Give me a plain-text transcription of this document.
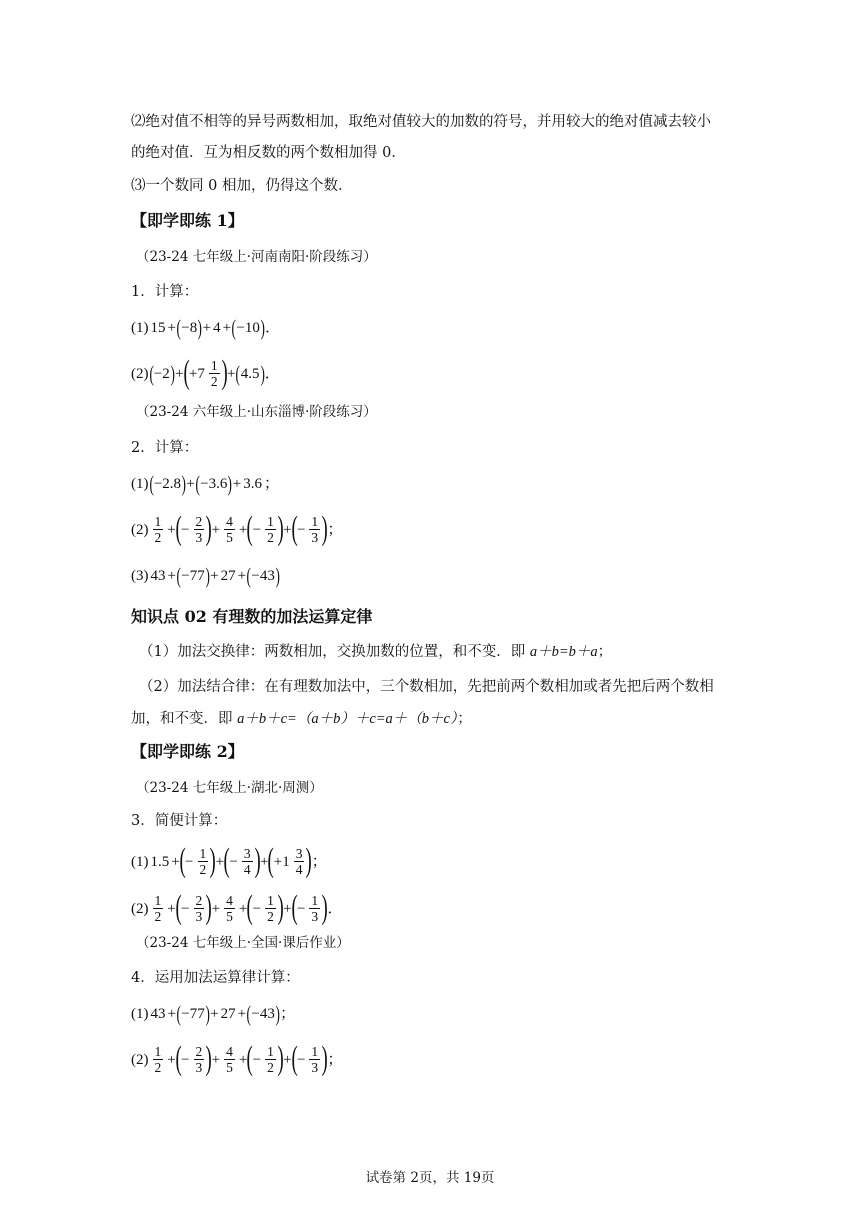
⑵绝对值不相等的异号两数相加，取绝对值较大的加数的符号，并用较大的绝对值减去较小
的绝对值．互为相反数的两个数相加得 0．
⑶一个数同 0 相加，仍得这个数．
【即学即练 1】
（23-24 七年级上·河南南阳·阶段练习）
1．计算：
(1) 15 + ( −8 ) + 4 + ( −10 ) ．
(2) ( −2 ) + ( $+7 \frac{1}{2}$ ) + ( 4.5 ) ．
（23-24 六年级上·山东淄博·阶段练习）
2．计算：
(1) ( −2.8 ) + ( −3.6 ) + 3.6 ；
$(2) \frac{1}{2}$ + ( − $\frac{2}{3}$ ) + $\frac{4}{5}$ + ( − $\frac{1}{2}$ ) + ( − $\frac{1}{3}$ ) ；
(3) 43 + ( −77 ) + 27 + ( −43 )
知识点 02 有理数的加法运算定律
（1）加法交换律：两数相加，交换加数的位置，和不变．即 a＋b=b＋a；
（2）加法结合律：在有理数加法中，三个数相加，先把前两个数相加或者先把后两个数相
加，和不变．即 a＋b＋c=（a＋b）＋c=a＋（b＋c）；
【即学即练 2】
（23-24 七年级上·湖北·周测）
3．简便计算：
(1) 1.5 + ( − $\frac{1}{2}$ ) + ( − $\frac{3}{4}$ ) + ( $+1 \frac{3}{4}$ ) ；
$(2) \frac{1}{2}$ + ( − $\frac{2}{3}$ ) + $\frac{4}{5}$ + ( − $\frac{1}{2}$ ) + ( − $\frac{1}{3}$ ) ．
（23-24 七年级上·全国·课后作业）
4．运用加法运算律计算：
(1) 43 + ( −77 ) + 27 + ( −43 ) ；
$(2) \frac{1}{2}$ + ( − $\frac{2}{3}$ ) + $\frac{4}{5}$ + ( − $\frac{1}{2}$ ) + ( − $\frac{1}{3}$ ) ；
试卷第 2页，共 19页
